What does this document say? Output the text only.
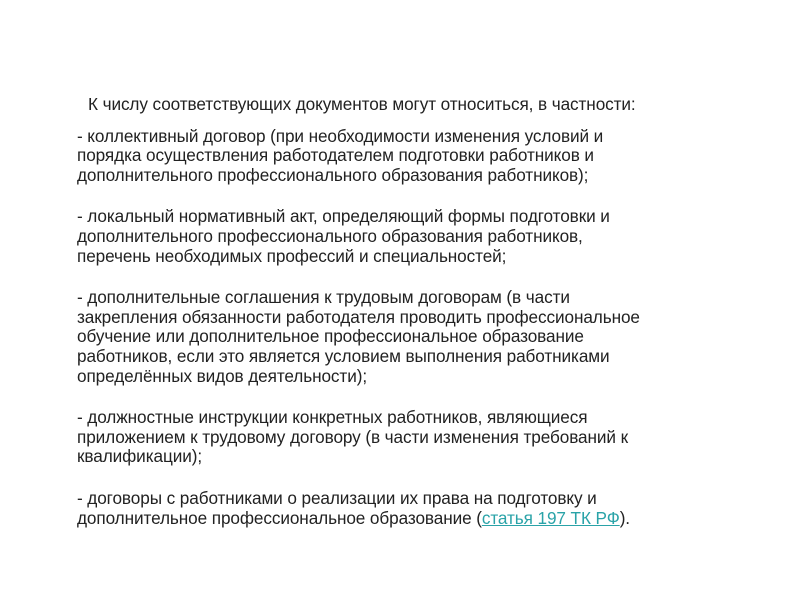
К числу соответствующих документов могут относиться, в частности:
- коллективный договор (при необходимости изменения условий и
порядка осуществления работодателем подготовки работников и
дополнительного профессионального образования работников);
- локальный нормативный акт, определяющий формы подготовки и
дополнительного профессионального образования работников,
перечень необходимых профессий и специальностей;
- дополнительные соглашения к трудовым договорам (в части
закрепления обязанности работодателя проводить профессиональное
обучение или дополнительное профессиональное образование
работников, если это является условием выполнения работниками
определённых видов деятельности);
- должностные инструкции конкретных работников, являющиеся
приложением к трудовому договору (в части изменения требований к
квалификации);
- договоры с работниками о реализации их права на подготовку и
дополнительное профессиональное образование (статья 197 ТК РФ).
